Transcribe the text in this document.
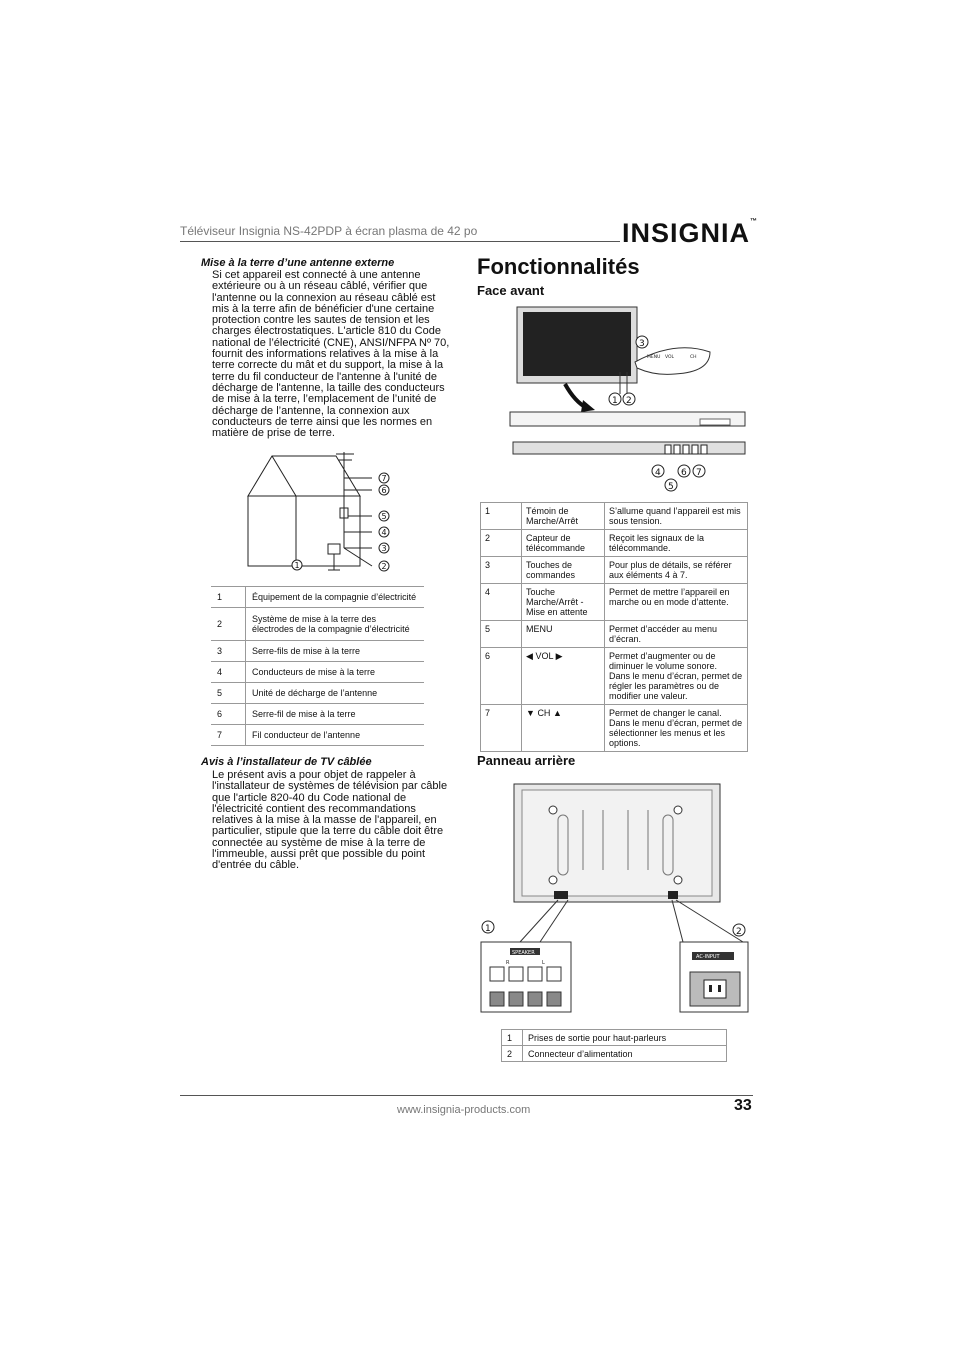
Téléviseur Insignia NS-42PDP à écran plasma de 42 po	INSIGNIA™
Mise à la terre d’une antenne externe
Si cet appareil est connecté à une antenne extérieure ou à un réseau câblé, vérifier que l'antenne ou la connexion au réseau câblé est mis à la terre afin de bénéficier d'une certaine protection contre les sautes de tension et les charges électrostatiques. L'article 810 du Code national de l’électricité (CNE), ANSI/NFPA Nº 70, fournit des informations relatives à la mise à la terre correcte du mât et du support, la mise à la terre du fil conducteur de l'antenne à l'unité de décharge de l'antenne, la taille des conducteurs de mise à la terre, l’emplacement de l’unité de décharge de l’antenne, la connexion aux conducteurs de terre ainsi que les normes en matière de prise de terre.
7
6
5
4
3
2
1
1	Équipement de la compagnie d’électricité
2	Système de mise à la terre des électrodes de la compagnie d’électricité
3	Serre-fils de mise à la terre
4	Conducteurs de mise à la terre
5	Unité de décharge de l’antenne
6	Serre-fil de mise à la terre
7	Fil conducteur de l’antenne
Avis à l’installateur de TV câblée
Le présent avis a pour objet de rappeler à l'installateur de systèmes de télévision par câble que l'article 820-40 du Code national de l'électricité contient des recommandations relatives à la mise à la masse de l'appareil, en particulier, stipule que la terre du câble doit être connectée au système de mise à la terre de l'immeuble, aussi prêt que possible du point d'entrée du câble.
Fonctionnalités
Face avant
MENU VOL	CH
3
1 2
4
5
6 7
1	Témoin de Marche/Arrêt	S’allume quand l’appareil est mis sous tension.
2	Capteur de télécommande	Reçoit les signaux de la télécommande.
3	Touches de commandes	Pour plus de détails, se référer aux éléments 4 à 7.
4	Touche Marche/Arrêt - Mise en attente	Permet de mettre l’appareil en marche ou en mode d’attente.
5	MENU	Permet d’accéder au menu d’écran.
6	◀ VOL ▶	Permet d’augmenter ou de diminuer le volume sonore.

Dans le menu d’écran, permet de régler les paramètres ou de modifier une valeur.

7	▼ CH ▲	Permet de changer le canal.

Dans le menu d’écran, permet de sélectionner les menus et les options.

Panneau arrière
SPEAKER
R	L
AC-INPUT
1	2
1	Prises de sortie pour haut-parleurs
2	Connecteur d’alimentation
www.insignia-products.com	33
